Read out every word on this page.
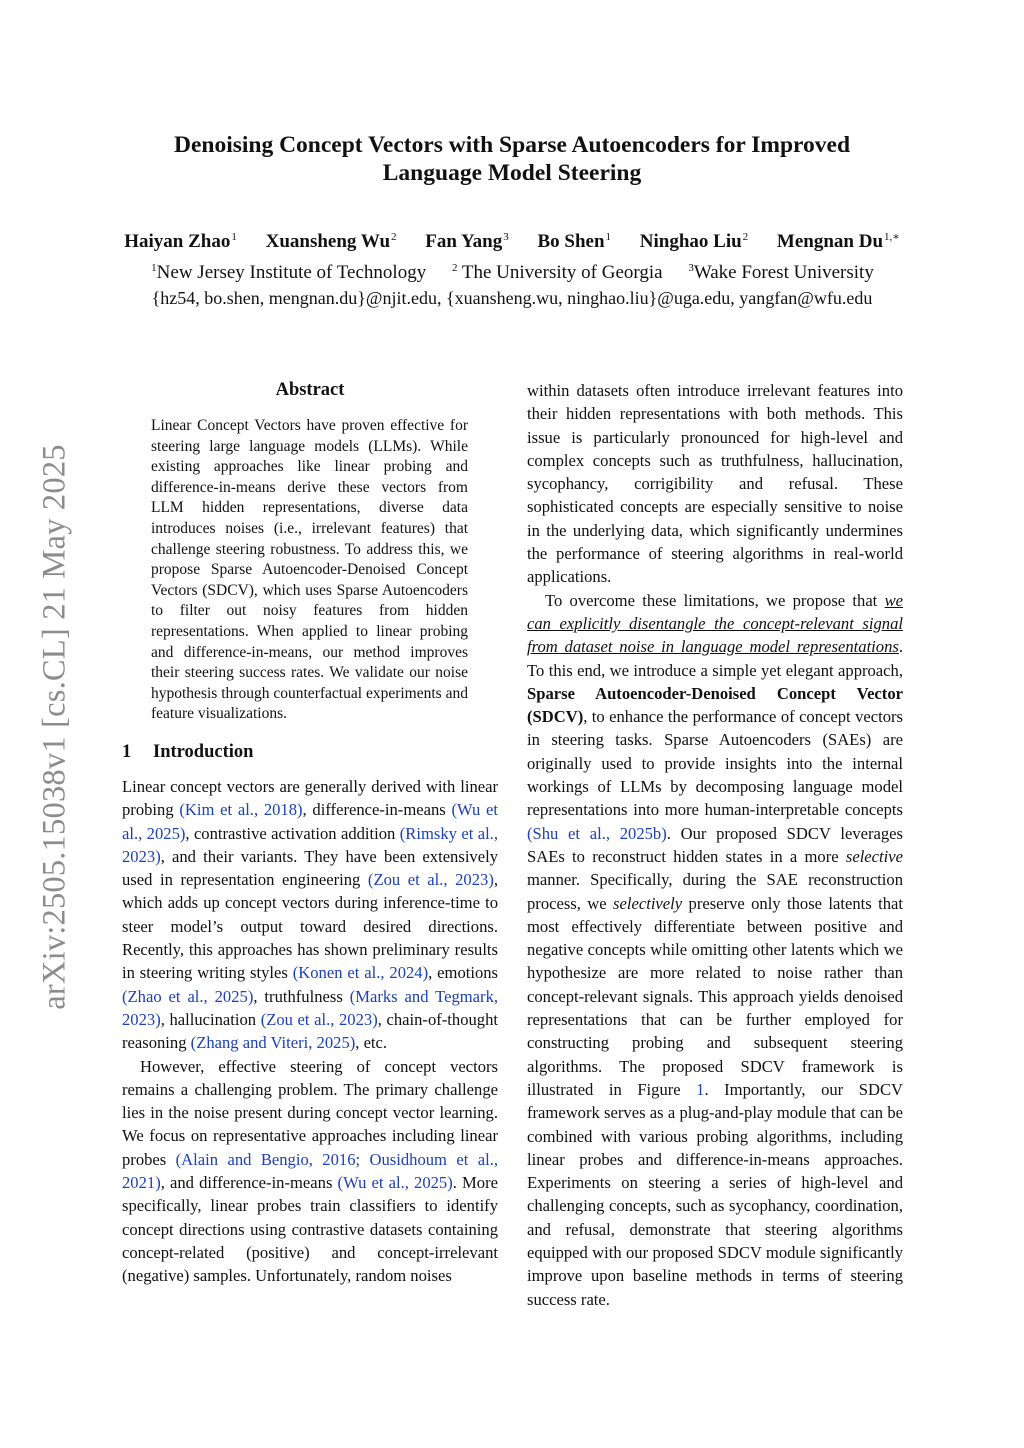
Denoising Concept Vectors with Sparse Autoencoders for Improved
Language Model Steering
Haiyan Zhao$^1$ Xuansheng Wu$^2$ Fan Yang$^3$ Bo Shen$^1$ Ninghao Liu$^2$ Mengnan $Du^{1,∗}$
$^1$New Jersey Institute of Technology $^2$ The University of Georgia $^3$Wake Forest University
{hz54, bo.shen, mengnan.du}@njit.edu, {xuansheng.wu, ninghao.liu}@uga.edu, yangfan@wfu.edu
arXiv:2505.15038v1 [cs.CL] 21 May 2025
Abstract
Linear Concept Vectors have proven effective for steering large language models (LLMs). While existing approaches like linear probing and difference-in-means derive these vectors from LLM hidden representations, diverse data introduces noises (i.e., irrelevant features) that challenge steering robustness. To address this, we propose Sparse Autoencoder-Denoised Concept Vectors (SDCV), which uses Sparse Autoencoders to filter out noisy features from hidden representations. When applied to linear probing and difference-in-means, our method improves their steering success rates. We validate our noise hypothesis through counterfactual experiments and feature visualizations.
1 Introduction

Linear concept vectors are generally derived with linear probing (Kim et al., 2018), difference-in-means (Wu et al., 2025), contrastive activation addition (Rimsky et al., 2023), and their variants. They have been extensively used in representation engineering (Zou et al., 2023), which adds up concept vectors during inference-time to steer model’s output toward desired directions. Recently, this approaches has shown preliminary results in steering writing styles (Konen et al., 2024), emotions (Zhao et al., 2025), truthfulness (Marks and Tegmark, 2023), hallucination (Zou et al., 2023), chain-of-thought reasoning (Zhang and Viteri, 2025), etc.

However, effective steering of concept vectors remains a challenging problem. The primary challenge lies in the noise present during concept vector learning. We focus on representative approaches including linear probes (Alain and Bengio, 2016; Ousidhoum et al., 2021), and difference-in-means (Wu et al., 2025). More specifically, linear probes train classifiers to identify concept directions using contrastive datasets containing concept-related (positive) and concept-irrelevant (negative) samples. Unfortunately, random noises

within datasets often introduce irrelevant features into their hidden representations with both methods. This issue is particularly pronounced for high-level and complex concepts such as truthfulness, hallucination, sycophancy, corrigibility and refusal. These sophisticated concepts are especially sensitive to noise in the underlying data, which significantly undermines the performance of steering algorithms in real-world applications.

To overcome these limitations, we propose that we can explicitly disentangle the concept-relevant signal from dataset noise in language model representations. To this end, we introduce a simple yet elegant approach, Sparse Autoencoder-Denoised Concept Vector (SDCV), to enhance the performance of concept vectors in steering tasks. Sparse Autoencoders (SAEs) are originally used to provide insights into the internal workings of LLMs by decomposing language model representations into more human-interpretable concepts (Shu et al., 2025b). Our proposed SDCV leverages SAEs to reconstruct hidden states in a more selective manner. Specifically, during the SAE reconstruction process, we selectively preserve only those latents that most effectively differentiate between positive and negative concepts while omitting other latents which we hypothesize are more related to noise rather than concept-relevant signals. This approach yields denoised representations that can be further employed for constructing probing and subsequent steering algorithms. The proposed SDCV framework is illustrated in Figure 1. Importantly, our SDCV framework serves as a plug-and-play module that can be combined with various probing algorithms, including linear probes and difference-in-means approaches. Experiments on steering a series of high-level and challenging concepts, such as sycophancy, coordination, and refusal, demonstrate that steering algorithms equipped with our proposed SDCV module significantly improve upon baseline methods in terms of steering success rate.
